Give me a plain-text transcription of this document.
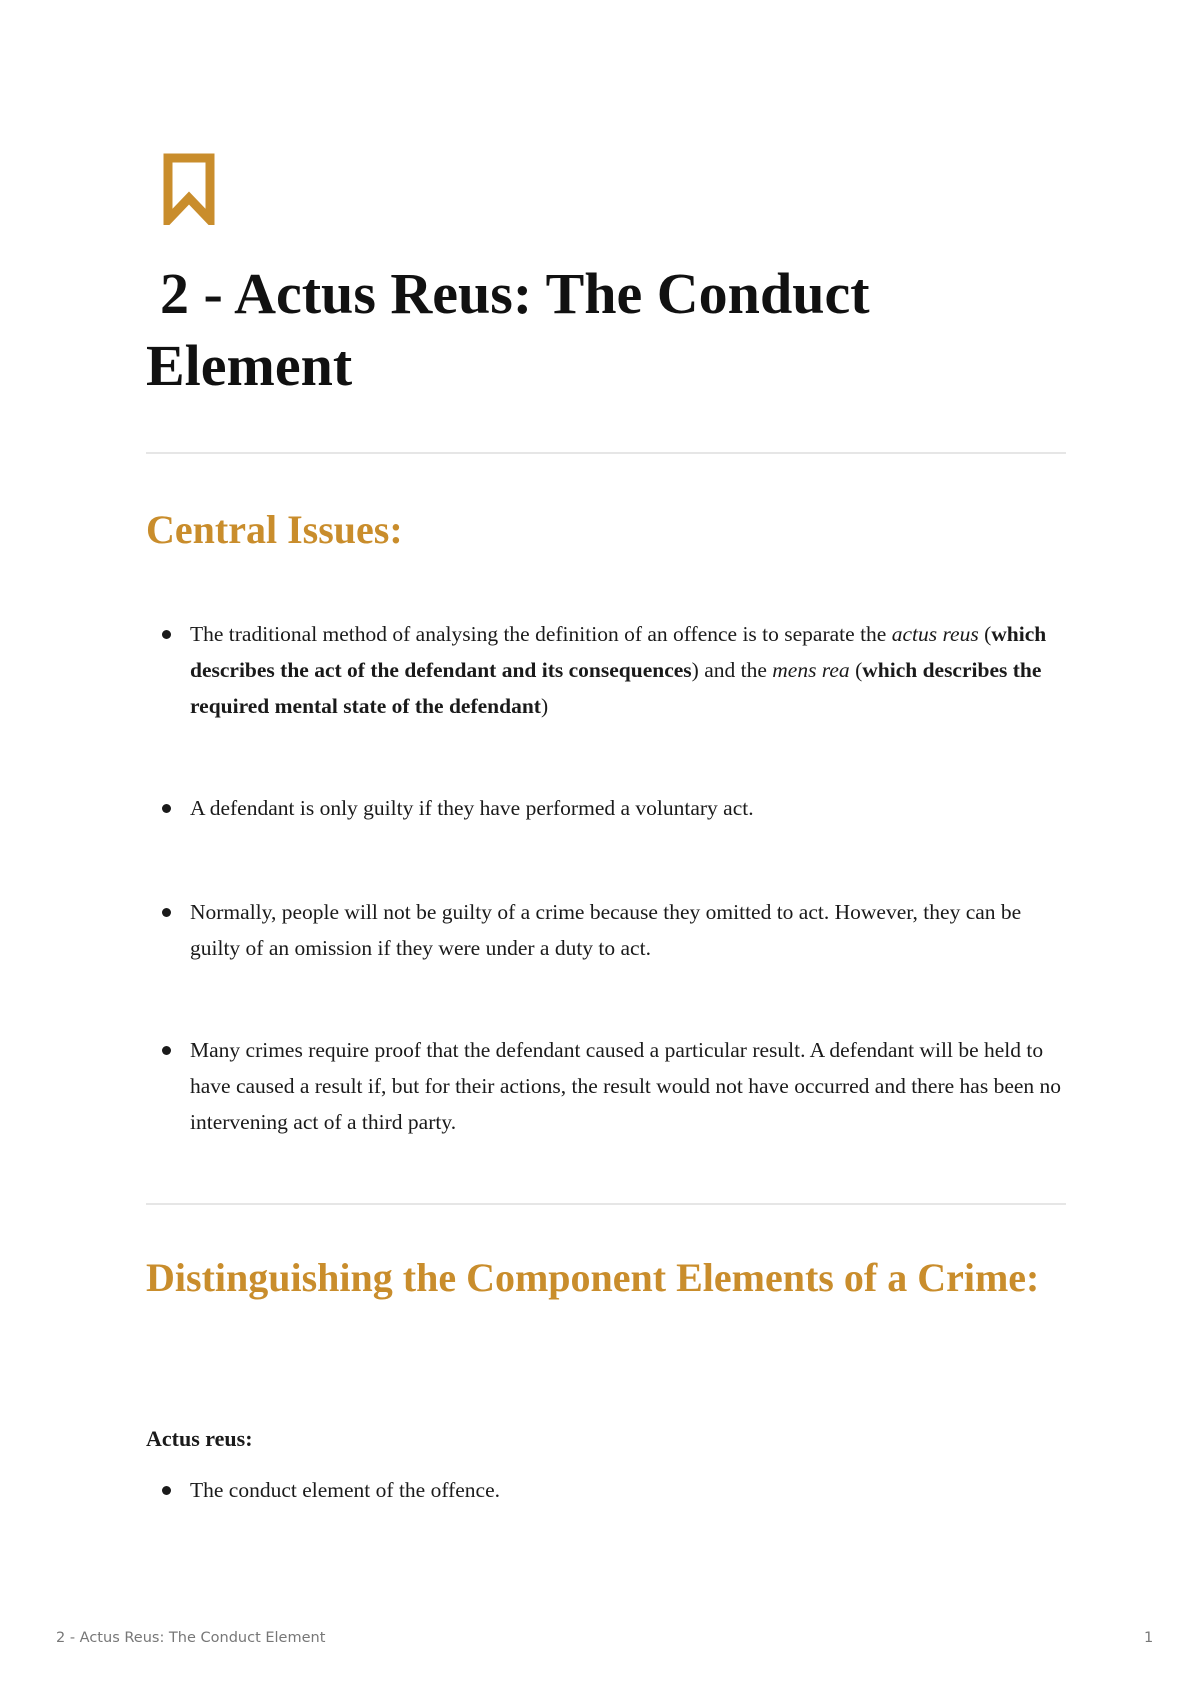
2 - Actus Reus: The Conduct
Element
Central Issues:
The traditional method of analysing the definition of an offence is to separate the actus reus (which describes the act of the defendant and its consequences) and the mens rea (which describes the required mental state of the defendant)
A defendant is only guilty if they have performed a voluntary act.
Normally, people will not be guilty of a crime because they omitted to act. However, they can be guilty of an omission if they were under a duty to act.
Many crimes require proof that the defendant caused a particular result. A defendant will be held to have caused a result if, but for their actions, the result would not have occurred and there has been no intervening act of a third party.
Distinguishing the Component Elements of a Crime:

Actus reus:

The conduct element of the offence.
2 - Actus Reus: The Conduct Element	1
